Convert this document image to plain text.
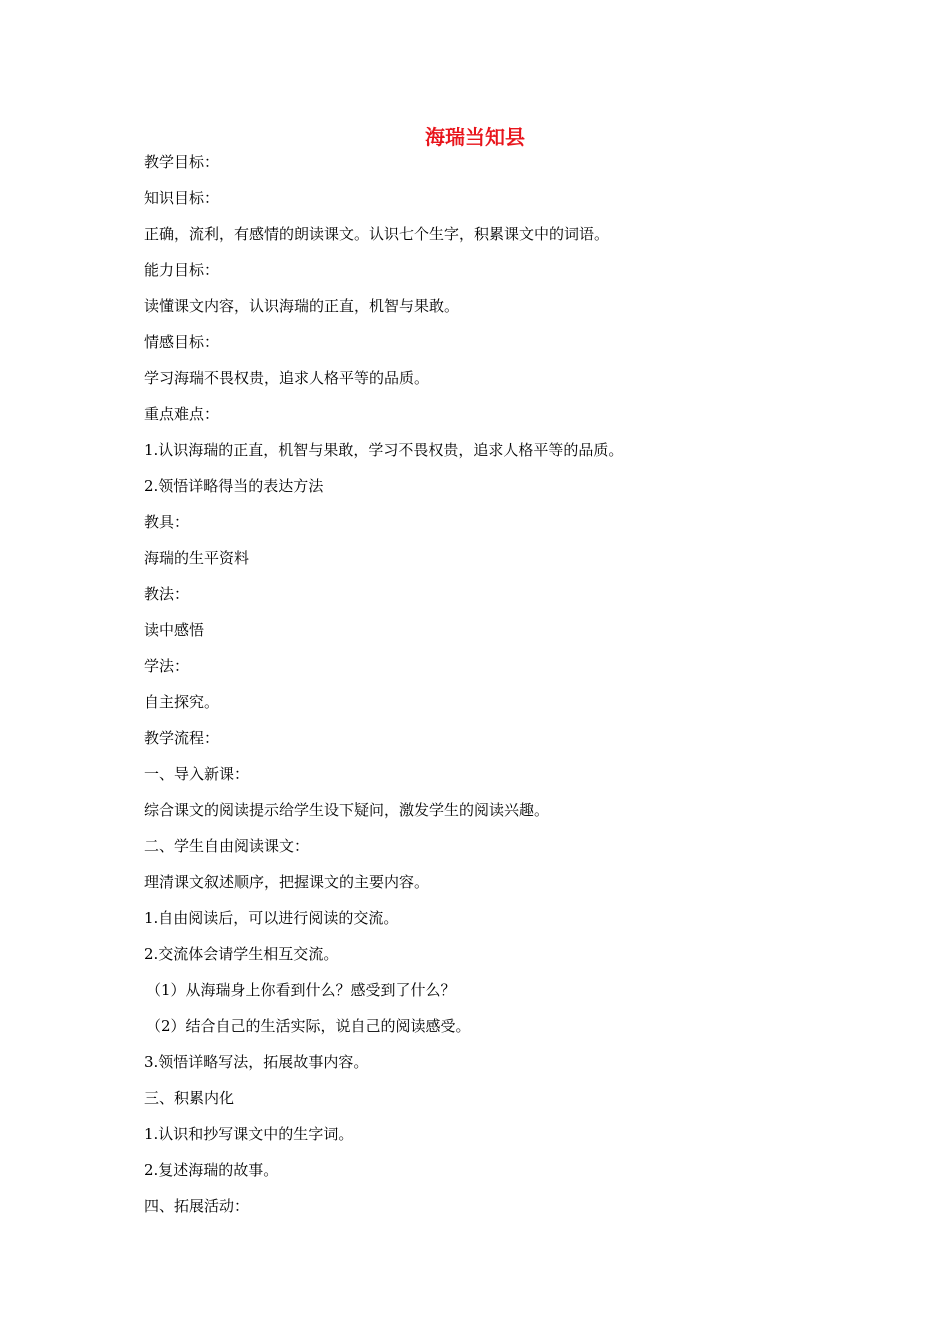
海瑞当知县
教学目标：
知识目标：
正确，流利，有感情的朗读课文。认识七个生字，积累课文中的词语。
能力目标：
读懂课文内容，认识海瑞的正直，机智与果敢。
情感目标：
学习海瑞不畏权贵，追求人格平等的品质。
重点难点：
1.认识海瑞的正直，机智与果敢，学习不畏权贵，追求人格平等的品质。
2.领悟详略得当的表达方法
教具：
海瑞的生平资料
教法：
读中感悟
学法：
自主探究。
教学流程：
一、导入新课：
综合课文的阅读提示给学生设下疑问，激发学生的阅读兴趣。
二、学生自由阅读课文：
理清课文叙述顺序，把握课文的主要内容。
1.自由阅读后，可以进行阅读的交流。
2.交流体会请学生相互交流。
（1）从海瑞身上你看到什么？感受到了什么？
（2）结合自己的生活实际，说自己的阅读感受。
3.领悟详略写法，拓展故事内容。
三、积累内化
1.认识和抄写课文中的生字词。
2.复述海瑞的故事。
四、拓展活动：
